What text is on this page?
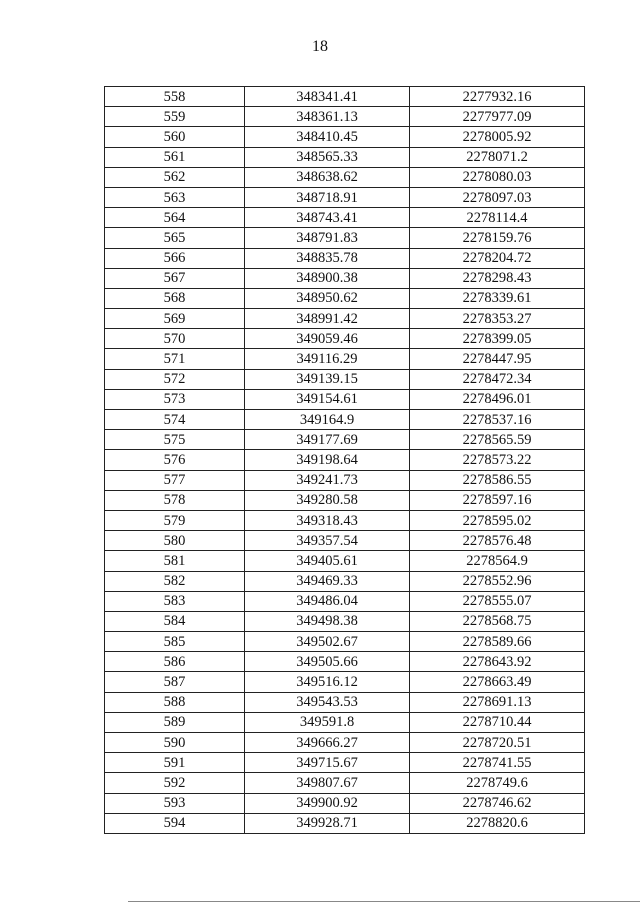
18
558	348341.41	2277932.16
559	348361.13	2277977.09
560	348410.45	2278005.92
561	348565.33	2278071.2
562	348638.62	2278080.03
563	348718.91	2278097.03
564	348743.41	2278114.4
565	348791.83	2278159.76
566	348835.78	2278204.72
567	348900.38	2278298.43
568	348950.62	2278339.61
569	348991.42	2278353.27
570	349059.46	2278399.05
571	349116.29	2278447.95
572	349139.15	2278472.34
573	349154.61	2278496.01
574	349164.9	2278537.16
575	349177.69	2278565.59
576	349198.64	2278573.22
577	349241.73	2278586.55
578	349280.58	2278597.16
579	349318.43	2278595.02
580	349357.54	2278576.48
581	349405.61	2278564.9
582	349469.33	2278552.96
583	349486.04	2278555.07
584	349498.38	2278568.75
585	349502.67	2278589.66
586	349505.66	2278643.92
587	349516.12	2278663.49
588	349543.53	2278691.13
589	349591.8	2278710.44
590	349666.27	2278720.51
591	349715.67	2278741.55
592	349807.67	2278749.6
593	349900.92	2278746.62
594	349928.71	2278820.6
